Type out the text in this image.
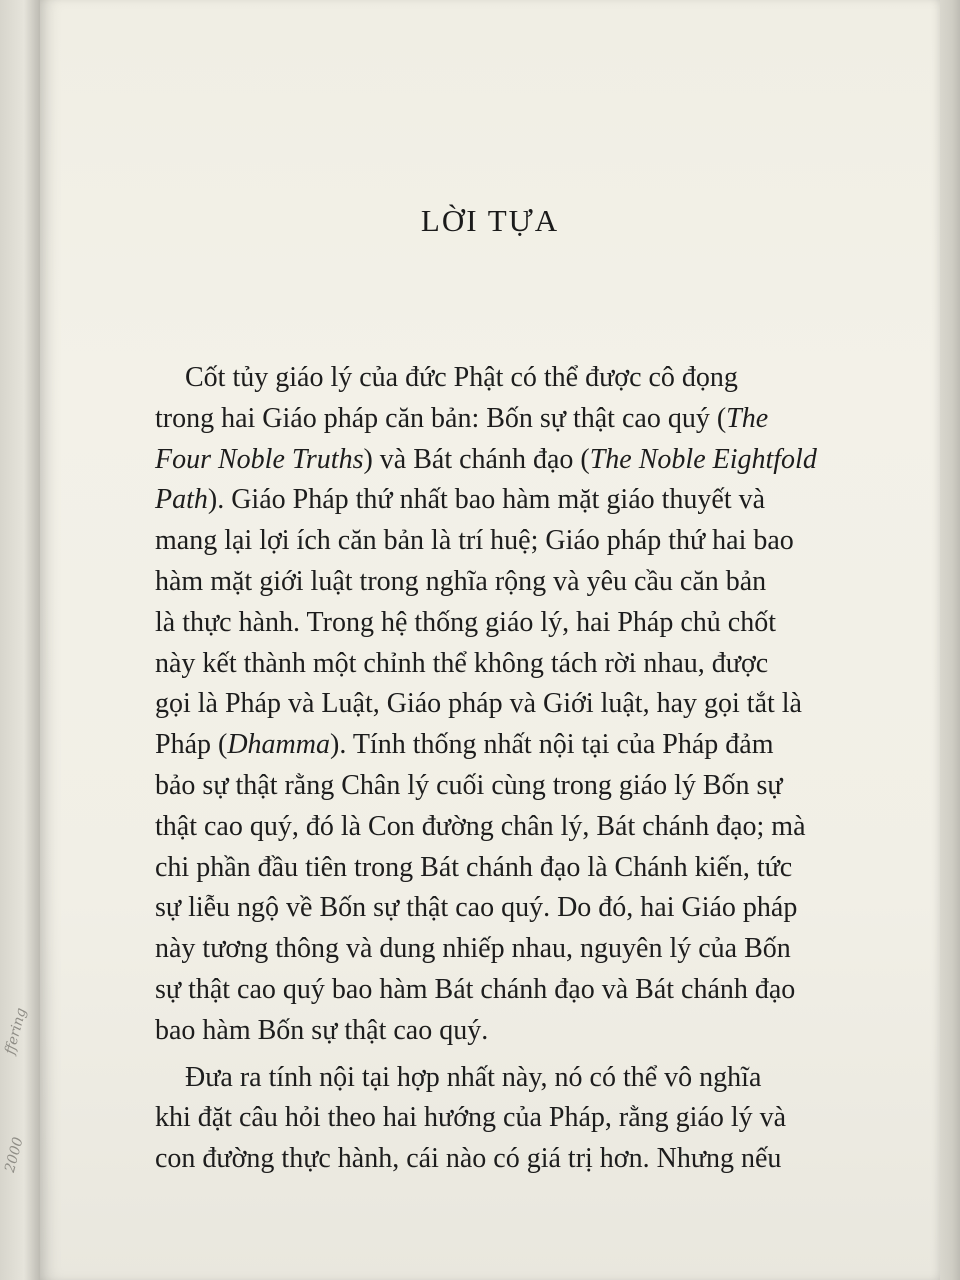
ffering
2000
LỜI TỰA

Cốt tủy giáo lý của đức Phật có thể được cô đọng
trong hai Giáo pháp căn bản: Bốn sự thật cao quý (The
Four Noble Truths) và Bát chánh đạo (The Noble Eightfold
Path). Giáo Pháp thứ nhất bao hàm mặt giáo thuyết và
mang lại lợi ích căn bản là trí huệ; Giáo pháp thứ hai bao
hàm mặt giới luật trong nghĩa rộng và yêu cầu căn bản
là thực hành. Trong hệ thống giáo lý, hai Pháp chủ chốt
này kết thành một chỉnh thể không tách rời nhau, được
gọi là Pháp và Luật, Giáo pháp và Giới luật, hay gọi tắt là
Pháp (Dhamma). Tính thống nhất nội tại của Pháp đảm
bảo sự thật rằng Chân lý cuối cùng trong giáo lý Bốn sự
thật cao quý, đó là Con đường chân lý, Bát chánh đạo; mà
chi phần đầu tiên trong Bát chánh đạo là Chánh kiến, tức
sự liễu ngộ về Bốn sự thật cao quý. Do đó, hai Giáo pháp
này tương thông và dung nhiếp nhau, nguyên lý của Bốn
sự thật cao quý bao hàm Bát chánh đạo và Bát chánh đạo
bao hàm Bốn sự thật cao quý.

Đưa ra tính nội tại hợp nhất này, nó có thể vô nghĩa
khi đặt câu hỏi theo hai hướng của Pháp, rằng giáo lý và
con đường thực hành, cái nào có giá trị hơn. Nhưng nếu
